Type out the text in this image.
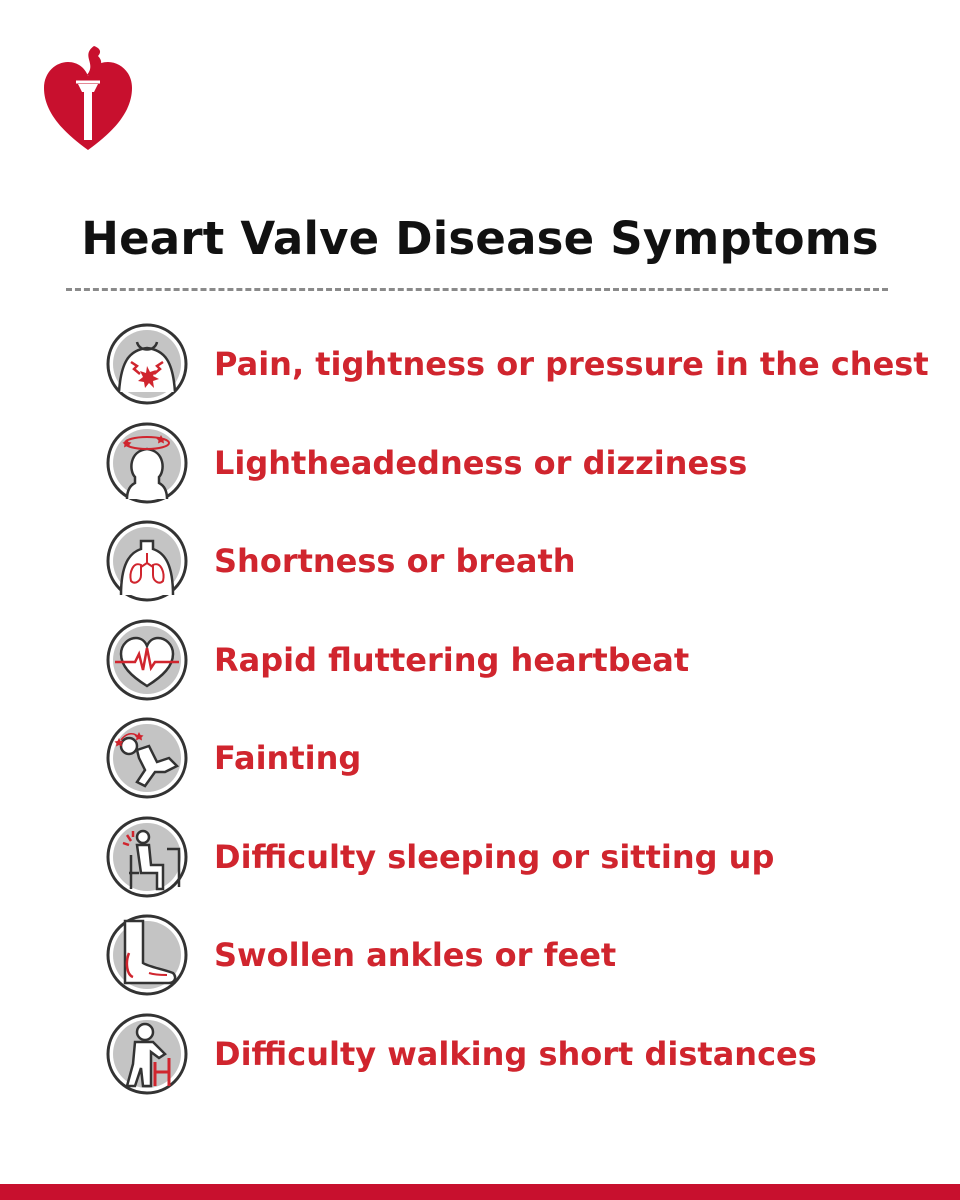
Heart Valve Disease Symptoms
Pain, tightness or pressure in the chest
Lightheadedness or dizziness
Shortness or breath
Rapid fluttering heartbeat
Fainting
Difficulty sleeping or sitting up
Swollen ankles or feet
Difficulty walking short distances
